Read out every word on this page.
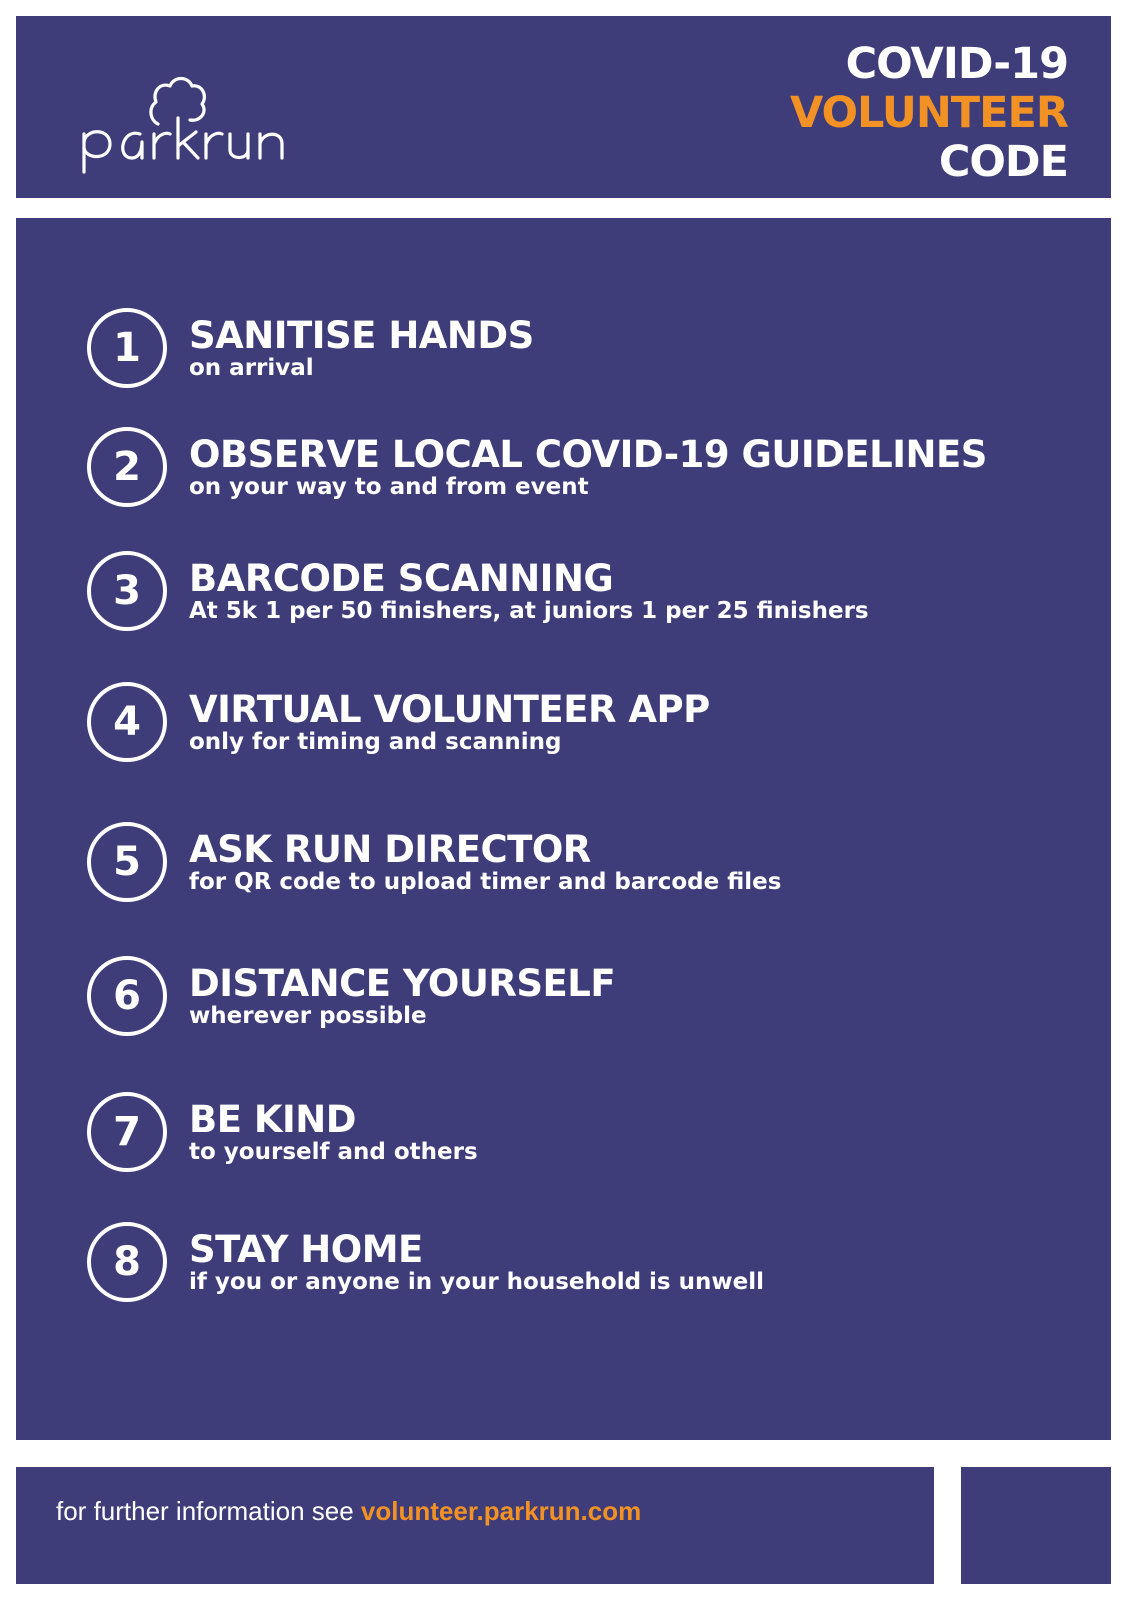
COVID-19
VOLUNTEER
CODE
1	SANITISE HANDS
on arrival
2	OBSERVE LOCAL COVID-19 GUIDELINES
on your way to and from event
3	BARCODE SCANNING
At 5k 1 per 50 finishers, at juniors 1 per 25 finishers
4	VIRTUAL VOLUNTEER APP
only for timing and scanning
5	ASK RUN DIRECTOR
for QR code to upload timer and barcode files
6	DISTANCE YOURSELF
wherever possible
7	BE KIND
to yourself and others
8	STAY HOME
if you or anyone in your household is unwell
for further information see volunteer.parkrun.com
